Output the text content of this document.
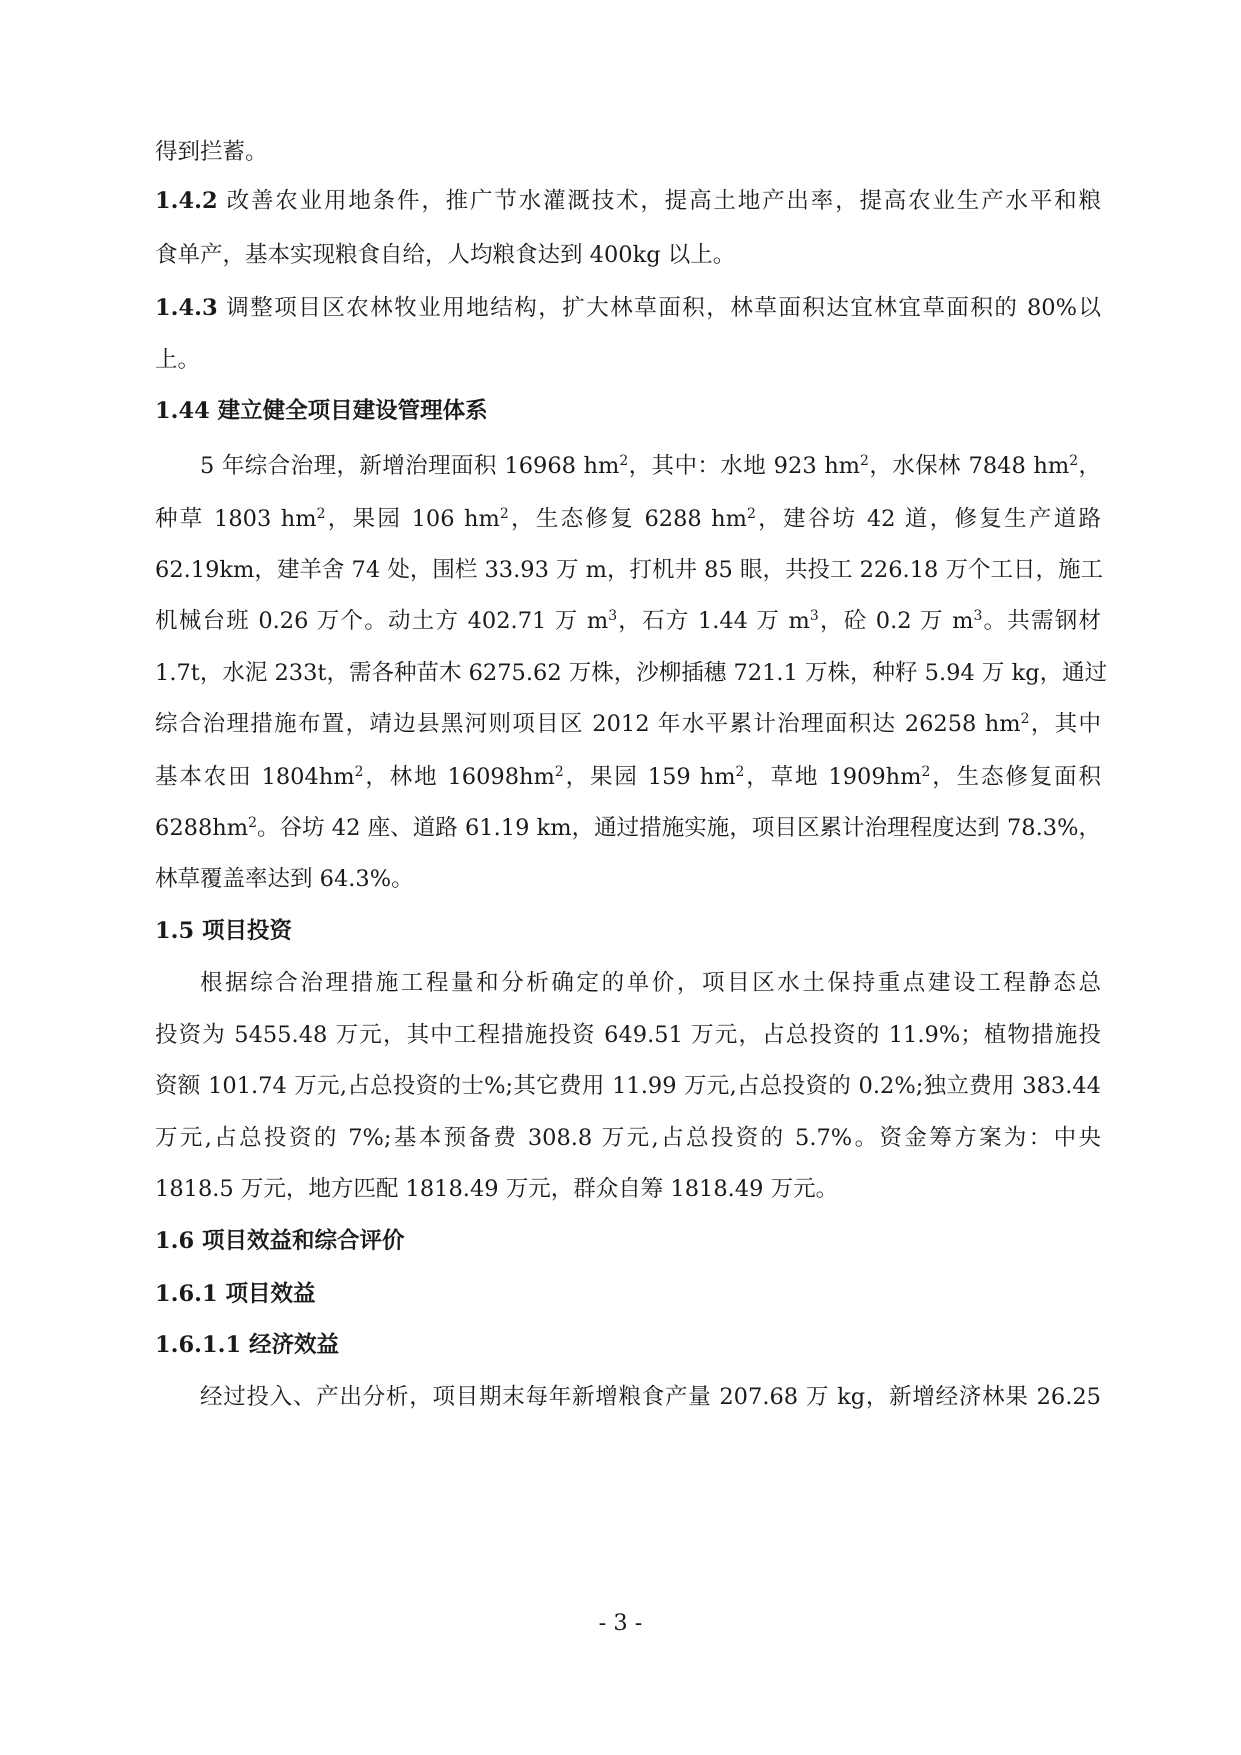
得到拦蓄。
1.4.2 改善农业用地条件，推广节水灌溉技术，提高土地产出率，提高农业生产水平和粮
食单产，基本实现粮食自给，人均粮食达到 400kg 以上。
1.4.3 调整项目区农林牧业用地结构，扩大林草面积，林草面积达宜林宜草面积的 80%以
上。
1.44 建立健全项目建设管理体系
5 年综合治理，新增治理面积 16968 $hm^2$，其中：水地 923 $hm^2$，水保林 7848 $hm^2$，
种草 1803 $hm^2$，果园 106 $hm^2$，生态修复 6288 $hm^2$，建谷坊 42 道，修复生产道路
62.19km，建羊舍 74 处，围栏 33.93 万 m，打机井 85 眼，共投工 226.18 万个工日，施工
机械台班 0.26 万个。动土方 402.71 万 $m^3$，石方 1.44 万 $m^3$，砼 0.2 万 $m^3$。共需钢材
1.7t，水泥 233t，需各种苗木 6275.62 万株，沙柳插穗 721.1 万株，种籽 5.94 万 kg，通过
综合治理措施布置，靖边县黑河则项目区 2012 年水平累计治理面积达 26258 $hm^2$，其中
基本农田 $1804hm^2$，林地 $16098hm^2$，果园 159 $hm^2$，草地 $1909hm^2$，生态修复面积
$6288hm^2$。谷坊 42 座、道路 61.19 km，通过措施实施，项目区累计治理程度达到 78.3%，
林草覆盖率达到 64.3%。
1.5 项目投资
根据综合治理措施工程量和分析确定的单价，项目区水土保持重点建设工程静态总
投资为 5455.48 万元，其中工程措施投资 649.51 万元，占总投资的 11.9%；植物措施投
资额 101.74 万元,占总投资的士%;其它费用 11.99 万元,占总投资的 0.2%;独立费用 383.44
万元,占总投资的 7%;基本预备费 308.8 万元,占总投资的 5.7%。资金筹方案为：中央
1818.5 万元，地方匹配 1818.49 万元，群众自筹 1818.49 万元。
1.6 项目效益和综合评价
1.6.1 项目效益
1.6.1.1 经济效益
经过投入、产出分析，项目期末每年新增粮食产量 207.68 万 kg，新增经济林果 26.25
- 3 -
